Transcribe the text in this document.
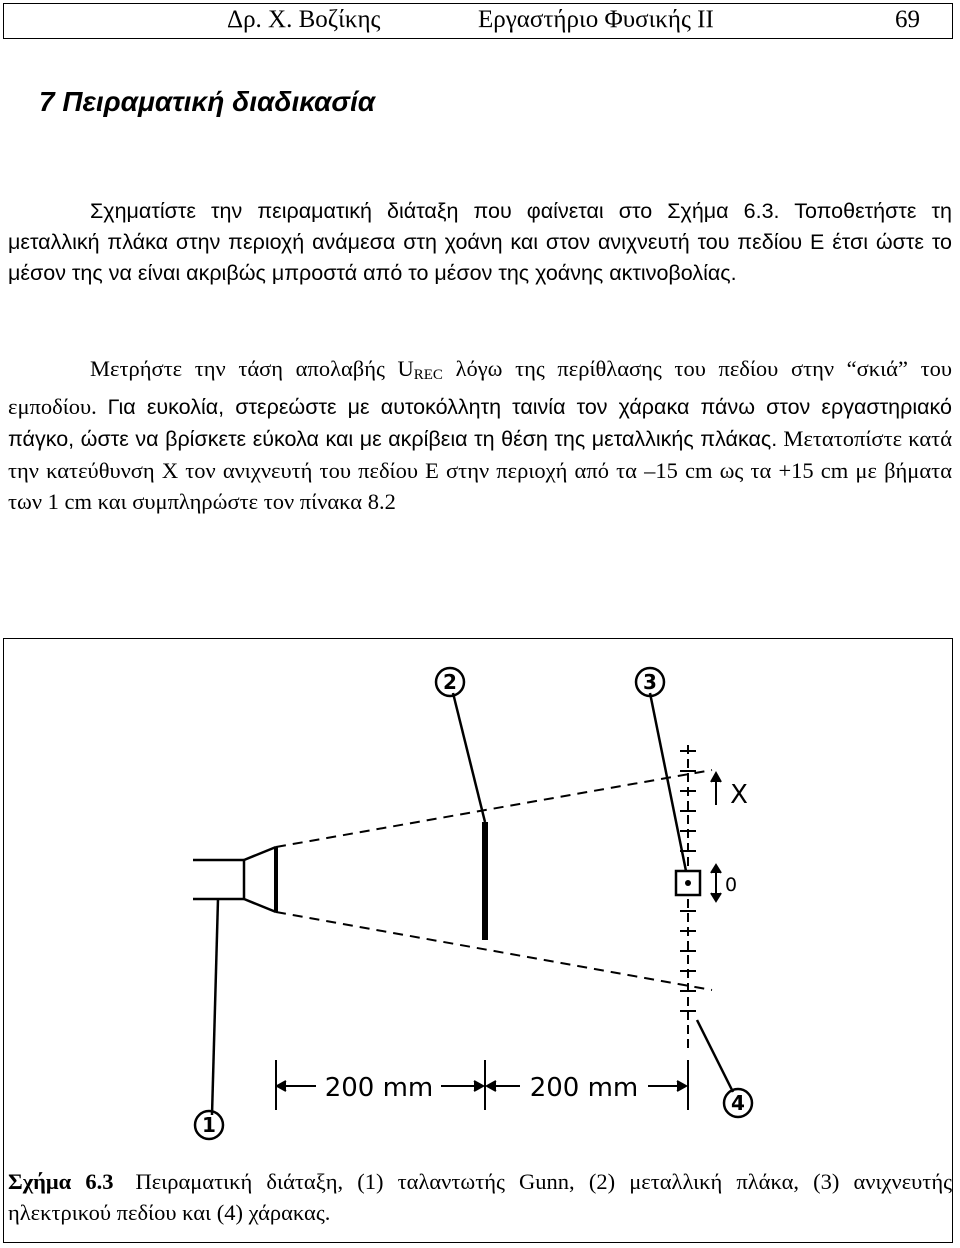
Δρ. Χ. Βοζίκης	Εργαστήριο Φυσικής ΙΙ	69
7 Πειραματική διαδικασία

Σχηματίστε την πειραματική διάταξη που φαίνεται στο Σχήμα 6.3. Τοποθετήστε τη μεταλλική πλάκα στην περιοχή ανάμεσα στη χοάνη και στον ανιχνευτή του πεδίου Ε έτσι ώστε το μέσον της να είναι ακριβώς μπροστά από το μέσον της χοάνης ακτινοβολίας.

Μετρήστε την τάση απολαβής $U_{REC}$ λόγω της περίθλασης του πεδίου στην “σκιά” του εμποδίου. Για ευκολία, στερεώστε με αυτοκόλλητη ταινία τον χάρακα πάνω στον εργαστηριακό πάγκο, ώστε να βρίσκετε εύκολα και με ακρίβεια τη θέση της μεταλλικής πλάκας. Μετατοπίστε κατά την κατεύθυνση Χ τον ανιχνευτή του πεδίου Ε στην περιοχή από τα –15 cm ως τα +15 cm με βήματα των 1 cm και συμπληρώστε τον πίνακα 8.2

1
2	3
4
X
0
200 mm	200 mm

Σχήμα 6.3 Πειραματική διάταξη, (1) ταλαντωτής Gunn, (2) μεταλλική πλάκα, (3) ανιχνευτής ηλεκτρικού πεδίου και (4) χάρακας.
